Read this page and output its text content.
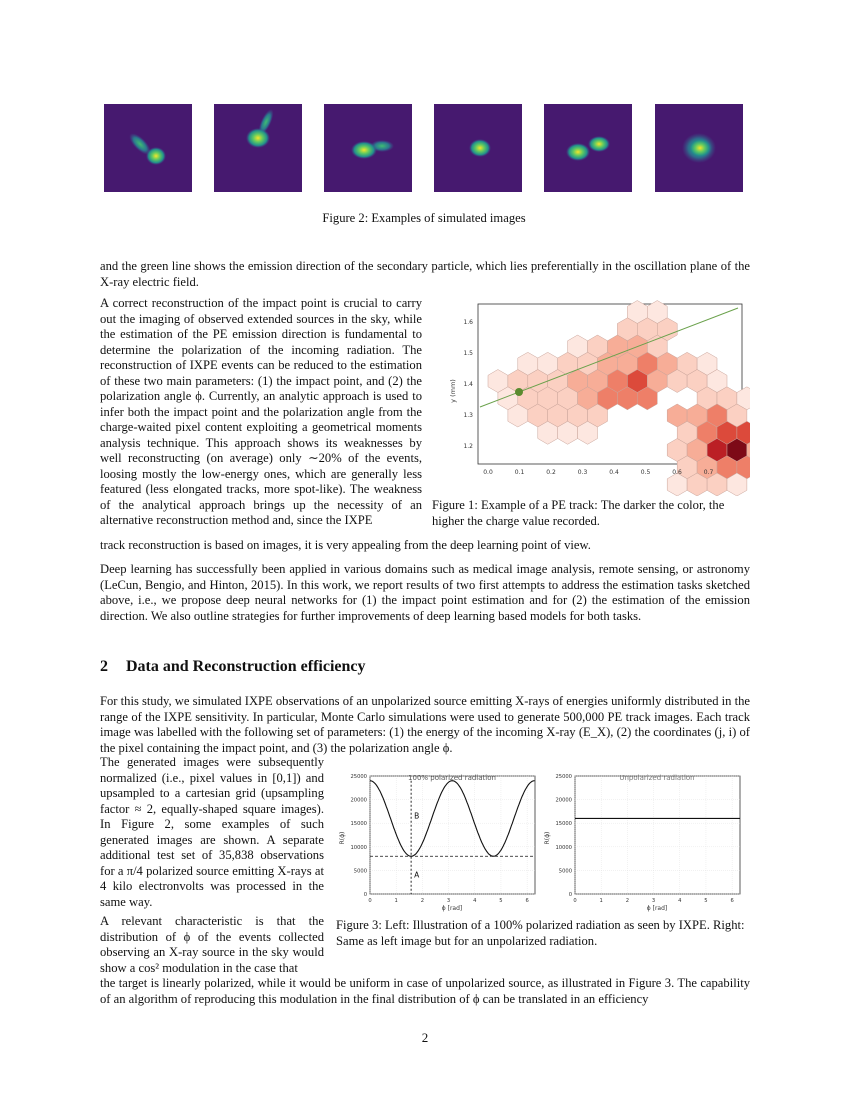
Figure 2: Examples of simulated images

and the green line shows the emission direction of the secondary particle, which lies preferentially in the oscillation plane of the X-ray electric field.

A correct reconstruction of the impact point is crucial to carry out the imaging of observed extended sources in the sky, while the estimation of the PE emission direction is fundamental to determine the polarization of the incoming radiation. The reconstruction of IXPE events can be reduced to the estimation of these two main parameters: (1) the impact point, and (2) the polarization angle ϕ. Currently, an analytic approach is used to infer both the impact point and the polarization angle from the charge-waited pixel content exploiting a geometrical moments analysis technique. This approach shows its weaknesses by well reconstructing (on average) only ∼20% of the events, loosing mostly the low-energy ones, which are generally less featured (less elongated tracks, more spot-like). The weakness of the analytical approach brings up the necessity of an alternative reconstruction method and, since the IXPE

track reconstruction is based on images, it is very appealing from the deep learning point of view.

0.0	0.1	0.2	0.3	0.4	0.5	0.6	0.7
1.6
1.5
1.4
1.3
1.2
y (mm)

Figure 1: Example of a PE track: The darker the color, the higher the charge value recorded.

Deep learning has successfully been applied in various domains such as medical image analysis, remote sensing, or astronomy (LeCun, Bengio, and Hinton, 2015). In this work, we report results of two first attempts to address the estimation tasks sketched above, i.e., we propose deep neural networks for (1) the impact point estimation and for (2) the estimation of the emission direction. We also outline strategies for further improvements of deep learning based models for both tasks.

2 Data and Reconstruction efficiency

For this study, we simulated IXPE observations of an unpolarized source emitting X-rays of energies uniformly distributed in the range of the IXPE sensitivity. In particular, Monte Carlo simulations were used to generate 500,000 PE track images. Each track image was labelled with the following set of parameters: (1) the energy of the incoming X-ray (E_X), (2) the coordinates (j, i) of the pixel containing the impact point, and (3) the polarization angle ϕ.

The generated images were subsequently normalized (i.e., pixel values in [0,1]) and upsampled to a cartesian grid (upsampling factor ≈ 2, equally-shaped square images). In Figure 2, some examples of such generated images are shown. A separate additional test set of 35,838 observations for a π/4 polarized source emitting X-rays at 4 kilo electronvolts was processed in the same way.

100% polarized radiation
B
A
25000
20000
15000
10000
5000
0
0	1	2	3	4	5	6
ϕ [rad]
R(ϕ)
Unpolarized radiation
25000
20000
15000
10000
5000
0
0	1	2	3	4	5	6
ϕ [rad]
R(ϕ)

Figure 3: Left: Illustration of a 100% polarized radiation as seen by IXPE. Right: Same as left image but for an unpolarized radiation.

A relevant characteristic is that the distribution of ϕ of the events collected observing an X-ray source in the sky would show a cos² modulation in the case that

the target is linearly polarized, while it would be uniform in case of unpolarized source, as illustrated in Figure 3. The capability of an algorithm of reproducing this modulation in the final distribution of ϕ can be translated in an efficiency

2
